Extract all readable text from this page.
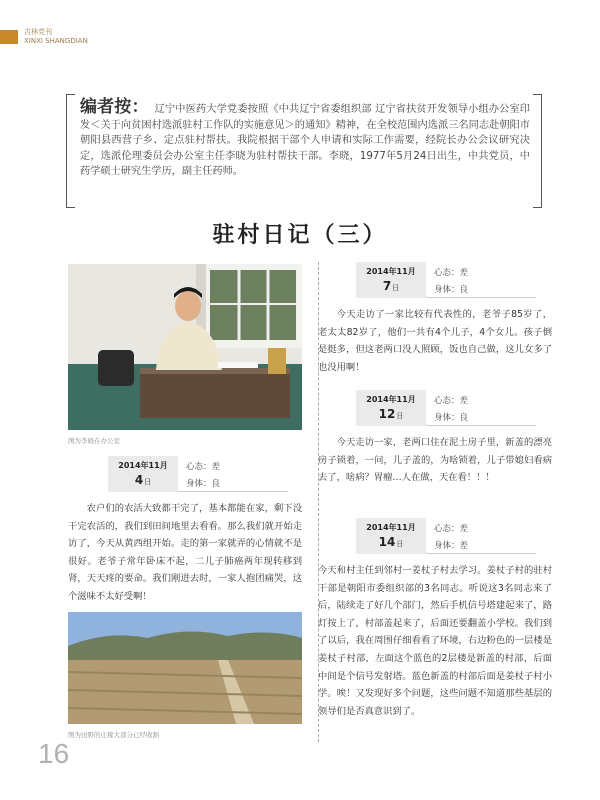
吉林党刊
XINXI SHANGDIAN
编者按： 辽宁中医药大学党委按照《中共辽宁省委组织部 辽宁省扶贫开发领导小组办公室印发＜关于向贫困村选派驻村工作队的实施意见＞的通知》精神，在全校范围内选派三名同志赴朝阳市朝阳县西营子乡、定点驻村帮扶。我院根据干部个人申请和实际工作需要，经院长办公会议研究决定，选派伦理委员会办公室主任李晓为驻村帮扶干部。李晓，1977年5月24日出生，中共党员，中药学硕士研究生学历，副主任药师。
驻村日记（三）
图为李晓在办公室
2014年11月
4日
心态：差
身体：良
农户们的农活大致都干完了，基本都能在家，剩下没干完农活的，我们到田间地里去看看。那么我们就开始走访了，今天从黄西组开始。走的第一家就弄的心情就不是很好。老爷子常年卧床不起，二儿子肺癌两年现转移到肾，天天疼的要命。我们刚进去时，一家人抱团痛哭，这个滋味不太好受啊！
图为田野的庄稼大部分已经收割
2014年11月
7日
心态：差
身体：良
今天走访了一家比较有代表性的，老爷子85岁了，老太太82岁了，他们一共有4个儿子，4个女儿。孩子倒是挺多，但这老两口没人照顾，饭也自己做，这儿女多了也没用啊！
2014年11月
12日
心态：差
身体：良
今天走访一家，老两口住在泥土房子里，新盖的漂亮房子锁着，一问，儿子盖的，为啥锁着，儿子带媳妇看病去了，啥病？胃瘤…人在做，天在看！！！
2014年11月
14日
心态：差
身体：差
今天和村主任到邻村一姜杖子村去学习。姜杖子村的驻村干部是朝阳市委组织部的3名同志。听说这3名同志来了后，陆续走了好几个部门，然后手机信号塔建起来了，路灯按上了，村部盖起来了，后面还要翻盖小学校。我们到了以后，我在周围仔细看看了环境，右边粉色的一层楼是姜杖子村部，左面这个蓝色的2层楼是新盖的村部，后面中间是个信号发射塔。蓝色新盖的村部后面是姜杖子村小学。唉！又发现好多个问题，这些问题不知道那些基层的领导们是否真意识到了。
16
